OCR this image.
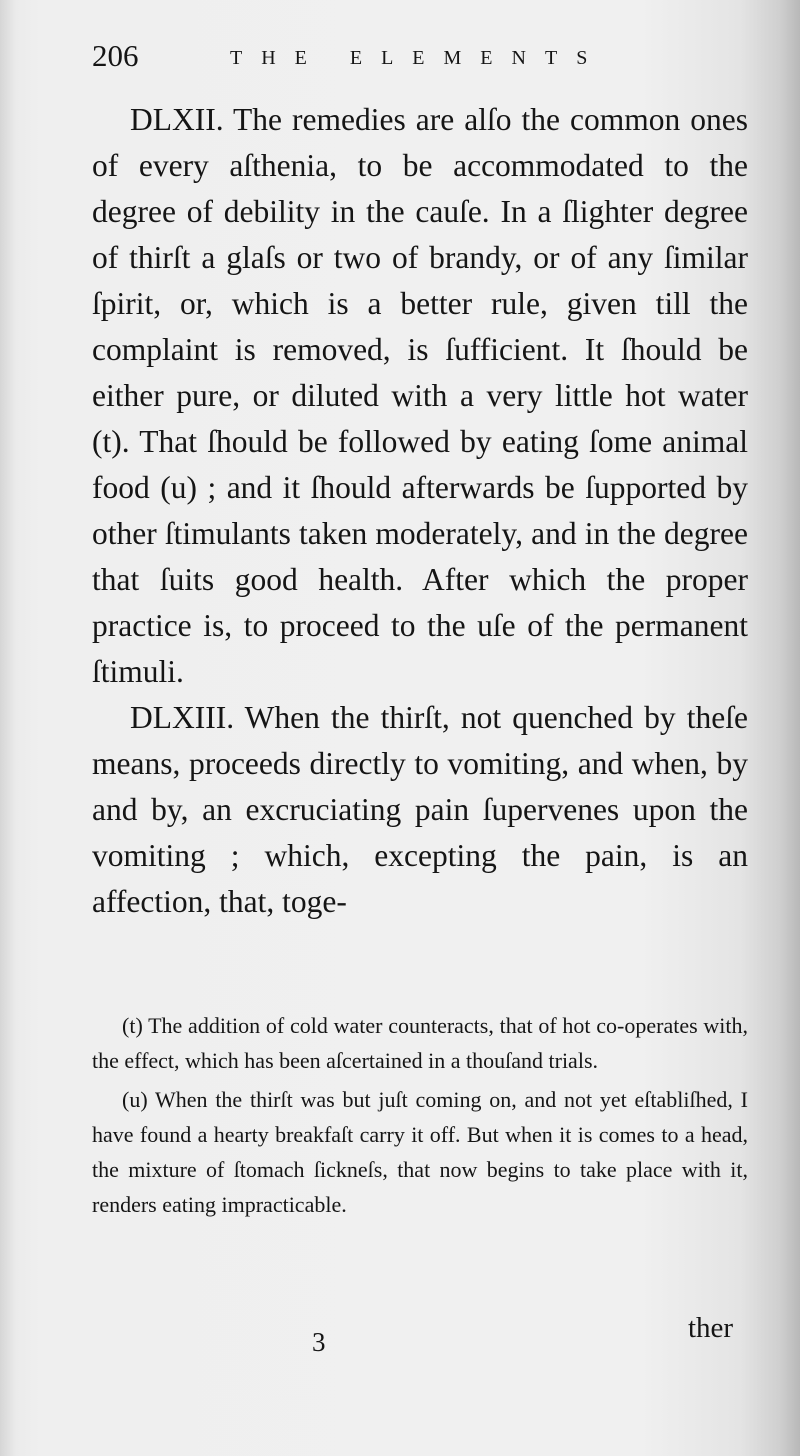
206	THE ELEMENTS

DLXII. The remedies are alſo the common ones of every aſthenia, to be accommodated to the degree of debility in the cauſe. In a ſlighter degree of thirſt a glaſs or two of brandy, or of any ſimilar ſpirit, or, which is a better rule, given till the complaint is removed, is ſufficient. It ſhould be either pure, or diluted with a very little hot water (t). That ſhould be followed by eating ſome animal food (u) ; and it ſhould afterwards be ſupported by other ſtimulants taken moderately, and in the degree that ſuits good health. After which the proper practice is, to proceed to the uſe of the permanent ſtimuli.

DLXIII. When the thirſt, not quenched by theſe means, proceeds directly to vomiting, and when, by and by, an excruciating pain ſupervenes upon the vomiting ; which, excepting the pain, is an affection, that, toge-

(t) The addition of cold water counteracts, that of hot co-operates with, the effect, which has been aſcertained in a thouſand trials.

(u) When the thirſt was but juſt coming on, and not yet eſtabliſhed, I have found a hearty breakfaſt carry it off. But when it is comes to a head, the mixture of ſtomach ſickneſs, that now begins to take place with it, renders eating impracticable.

3	ther
